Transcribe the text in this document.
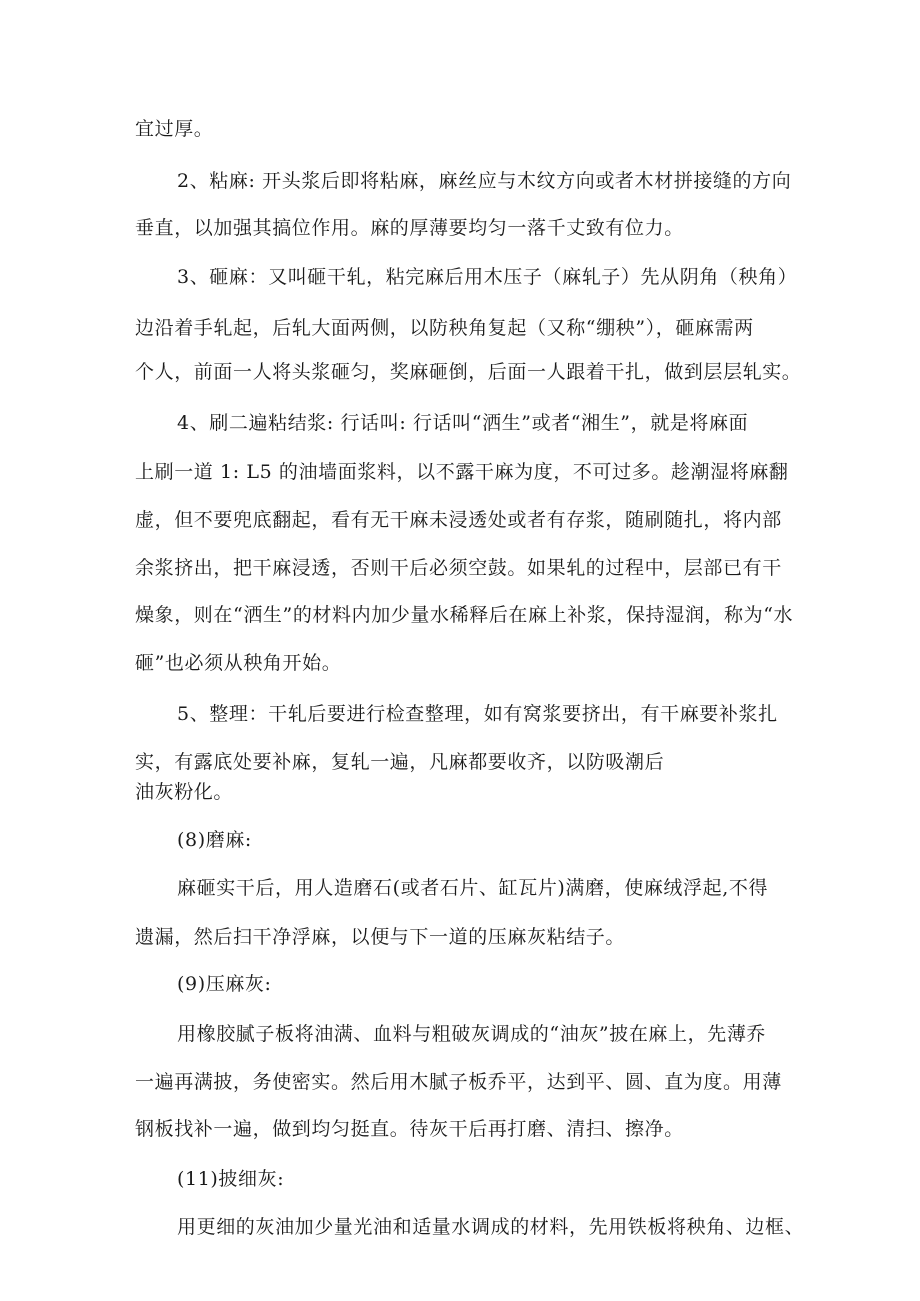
宜过厚。
2、粘麻: 开头浆后即将粘麻，麻丝应与木纹方向或者木材拼接缝的方向
垂直，以加强其搞位作用。麻的厚薄要均匀一落千丈致有位力。
3、砸麻：又叫砸干轧，粘完麻后用木压子（麻轧子）先从阴角（秧角）
边沿着手轧起，后轧大面两侧，以防秧角复起（又称“绷秧”），砸麻需两
个人，前面一人将头浆砸匀，奖麻砸倒，后面一人跟着干扎，做到层层轧实。
4、刷二遍粘结浆: 行话叫: 行话叫“洒生”或者“湘生”，就是将麻面
上刷一道 1: L5 的油墙面浆料，以不露干麻为度，不可过多。趁潮湿将麻翻
虚，但不要兜底翻起，看有无干麻未浸透处或者有存浆，随刷随扎，将内部
余浆挤出，把干麻浸透，否则干后必须空鼓。如果轧的过程中，层部已有干
燥象，则在“洒生”的材料内加少量水稀释后在麻上补浆，保持湿润，称为“水
砸”也必须从秧角开始。
5、整理：干轧后要进行检查整理，如有窝浆要挤出，有干麻要补浆扎
实，有露底处要补麻，复轧一遍，凡麻都要收齐，以防吸潮后
油灰粉化。
(8)磨麻:
麻砸实干后，用人造磨石(或者石片、缸瓦片)满磨，使麻绒浮起,不得
遗漏，然后扫干净浮麻，以便与下一道的压麻灰粘结子。
(9)压麻灰:
用橡胶腻子板将油满、血料与粗破灰调成的“油灰”披在麻上，先薄乔
一遍再满披，务使密实。然后用木腻子板乔平，达到平、圆、直为度。用薄
钢板找补一遍，做到均匀挺直。待灰干后再打磨、清扫、擦净。
(11)披细灰:
用更细的灰油加少量光油和适量水调成的材料，先用铁板将秧角、边框、
